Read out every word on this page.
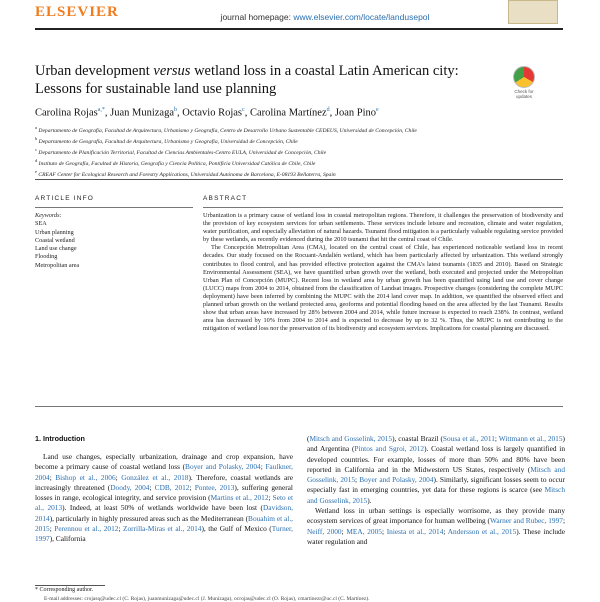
ELSEVIER	journal homepage: www.elsevier.com/locate/landusepol
Urban development versus wetland loss in a coastal Latin American city: Lessons for sustainable land use planning	Check for updates
Carolina Rojas$^{a,*}$, Juan Munizaga$^b$, Octavio Rojas$^c$, Carolina Martínez$^d$, Joan Pino$^e$
$^a$ Departamento de Geografía, Facultad de Arquitectura, Urbanismo y Geografía, Centro de Desarrollo Urbano Sustentable CEDEUS, Universidad de Concepción, Chile
$^b$ Departamento de Geografía, Facultad de Arquitectura, Urbanismo y Geografía, Universidad de Concepción, Chile
$^c$ Departamento de Planificación Territorial, Facultad de Ciencias Ambientales-Centro EULA, Universidad de Concepción, Chile
$^d$ Instituto de Geografía, Facultad de Historia, Geografía y Ciencia Política, Pontificia Universidad Católica de Chile, Chile
$^e$ CREAF Center for Ecological Research and Forestry Applications, Universidad Autónoma de Barcelona, E-08193 Bellaterra, Spain
ARTICLE INFO
Keywords:
SEA
Urban planning
Coastal wetland
Land use change
Flooding
Metropolitan area
ABSTRACT

Urbanization is a primary cause of wetland loss in coastal metropolitan regions. Therefore, it challenges the preservation of biodiversity and the provision of key ecosystem services for urban settlements. These services include leisure and recreation, climate and water regulation, water purification, and especially alleviation of natural hazards. Tsunami flood mitigation is a particularly valuable regulating service provided by these wetlands, as recently evidenced during the 2010 tsunami that hit the central coast of Chile.

The Concepción Metropolitan Area (CMA), located on the central coast of Chile, has experienced noticeable wetland loss in recent decades. Our study focused on the Rocuant-Andalién wetland, which has been particularly affected by urbanization. This wetland strongly contributes to flood control, and has provided effective protection against the CMA's latest tsunamis (1835 and 2010). Based on Strategic Environmental Assessment (SEA), we have quantified urban growth over the wetland, both executed and projected under the Metropolitan Urban Plan of Concepción (MUPC). Recent loss in wetland area by urban growth has been quantified using land use and cover change (LUCC) maps from 2004 to 2014, obtained from the classification of Landsat images. Prospective changes (considering the complete MUPC deployment) have been inferred by combining the MUPC with the 2014 land cover map. In addition, we quantified the observed effect and planned urban growth on the wetland protected area, geoforms and potential flooding based on the area affected by the last Tsunami. Results show that urban areas have increased by 28% between 2004 and 2014, while future increase is expected to reach 238%. In contrast, wetland area has decreased by 10% from 2004 to 2014 and is expected to decrease by up to 32 %. Thus, the MUPC is not contributing to the mitigation of wetland loss nor the preservation of its biodiversity and ecosystem services. Implications for coastal planning are discussed.

1. Introduction
Land use changes, especially urbanization, drainage and crop expansion, have become a primary cause of coastal wetland loss (Boyer and Polasky, 2004; Faulkner, 2004; Bishop et al., 2006; González et al., 2018). Therefore, coastal wetlands are increasingly threatened (Doody, 2004; CDB, 2012; Pontee, 2013), suffering general losses in range, ecological integrity, and service provision (Martins et al., 2012; Seto et al., 2013). Indeed, at least 50% of wetlands worldwide have been lost (Davidson, 2014), particularly in highly pressured areas such as the Mediterranean (Bouahim et al., 2015; Perennou et al., 2012; Zorrilla-Miras et al., 2014), the Gulf of Mexico (Turner, 1997), California

(Mitsch and Gosselink, 2015), coastal Brazil (Sousa et al., 2011; Wittmann et al., 2015) and Argentina (Pintos and Sgroi, 2012). Coastal wetland loss is largely quantified in developed countries. For example, losses of more than 50% and 80% have been reported in California and in the Midwestern US States, respectively (Mitsch and Gosselink, 2015; Boyer and Polasky, 2004). Similarly, significant losses seem to occur especially fast in emerging countries, yet data for these regions is scarce (see Mitsch and Gosselink, 2015).

Wetland loss in urban settings is especially worrisome, as they provide many ecosystem services of great importance for human wellbeing (Warner and Rubec, 1997; Neiff, 2000; MEA, 2005; Iniesta et al., 2014; Andersson et al., 2015). These include water regulation and

* Corresponding author.
E-mail addresses: crojasq@udec.cl (C. Rojas), juanmunizaga@udec.cl (J. Munizaga), ocrojas@udec.cl (O. Rojas), cmartinezr@uc.cl (C. Martínez).
